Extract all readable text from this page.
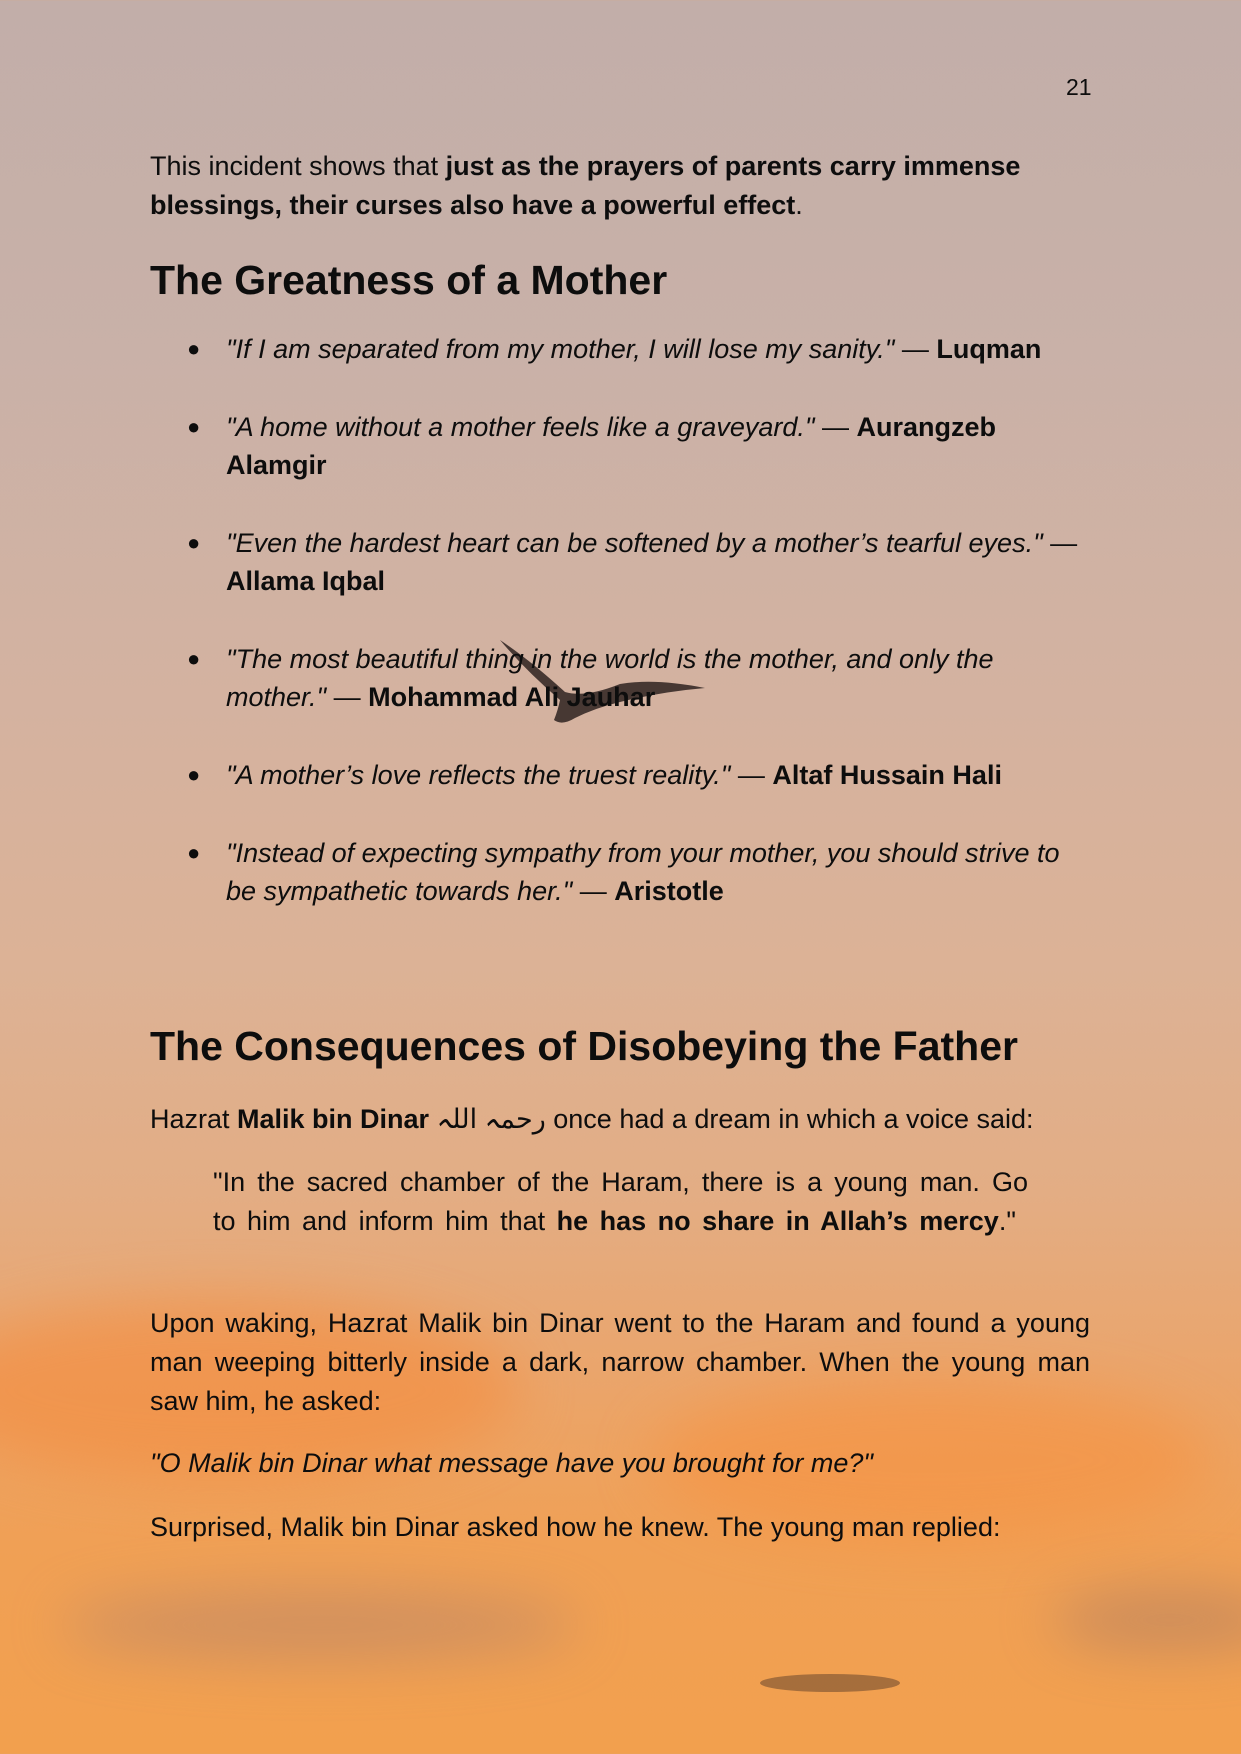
21

This incident shows that just as the prayers of parents carry immense blessings, their curses also have a powerful effect.

The Greatness of a Mother
● "If I am separated from my mother, I will lose my sanity." — Luqman
● "A home without a mother feels like a graveyard." — Aurangzeb Alamgir
● "Even the hardest heart can be softened by a mother’s tearful eyes." — Allama Iqbal
● "The most beautiful thing in the world is the mother, and only the mother." — Mohammad Ali Jauhar
● "A mother’s love reflects the truest reality." — Altaf Hussain Hali
● "Instead of expecting sympathy from your mother, you should strive to be sympathetic towards her." — Aristotle
The Consequences of Disobeying the Father

Hazrat Malik bin Dinar رحمہ اللہ once had a dream in which a voice said:

"In the sacred chamber of the Haram, there is a young man. Go to him and inform him that he has no share in Allah’s mercy."

Upon waking, Hazrat Malik bin Dinar went to the Haram and found a young man weeping bitterly inside a dark, narrow chamber. When the young man saw him, he asked:

"O Malik bin Dinar what message have you brought for me?"

Surprised, Malik bin Dinar asked how he knew. The young man replied:
